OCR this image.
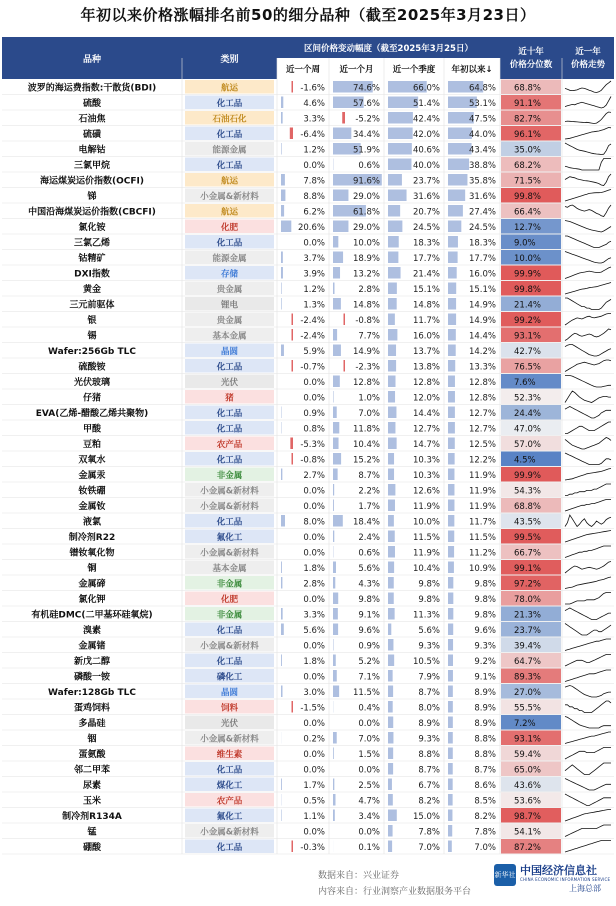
年初以来价格涨幅排名前50的细分品种（截至2025年3月23日）
品种	类别
区间价格变动幅度（截至2025年3月25日）
近一个周 近一个月 近一个季度 年初以来↓
近十年
价格分位数
近一年
价格走势
波罗的海运费指数:干散货(BDI)	航运	-1.6%	74.6%	66.0%	64.8% 68.8%
硫酸	化工品	4.6%	57.6%	51.4%	53.1% 91.1%
石油焦	石油石化	3.3%	-5.2%	42.4%	47.5% 82.7%
硫磺	化工品	-6.4%	34.4%	42.0%	44.0% 96.1%
电解钴	能源金属	1.2%	51.9%	40.6%	43.4% 35.0%
三氯甲烷	化工品	0.0%	0.6%	40.0%	38.8% 68.2%
海运煤炭运价指数(OCFI)	航运	7.8%	91.6%	23.7%	35.8% 71.5%
锑	小金属&新材料	8.8%	29.0%	31.6%	31.6% 99.8%
中国沿海煤炭运价指数(CBCFI)	航运	6.2%	61.8%	20.7%	27.4% 66.4%
氯化铵	化肥	20.6%	29.0%	24.5%	24.5% 12.7%
三氯乙烯	化工品	0.0%	10.0%	18.3%	18.3% 9.0%
钴精矿	能源金属	3.7%	18.9%	17.7%	17.7% 10.0%
DXI指数	存储	3.9%	13.2%	21.4%	16.0% 99.9%
黄金	贵金属	1.2%	2.8%	15.1%	15.1% 99.8%
三元前驱体	锂电	1.3%	14.8%	14.8%	14.9% 21.4%
银	贵金属	-2.4%	-0.8%	11.7%	14.9% 99.2%
锡	基本金属	-2.4%	7.7%	16.0%	14.4% 93.1%
Wafer:256Gb TLC	晶圆	5.9%	14.9%	13.7%	14.2% 42.7%
硫酸铵	化工品	-0.7%	-2.3%	13.8%	13.3% 76.5%
光伏玻璃	光伏	0.0%	12.8%	12.8%	12.8% 7.6%
仔猪	猪	0.0%	1.0%	12.0%	12.8% 52.3%
EVA(乙烯-醋酸乙烯共聚物)	化工品	0.9%	7.0%	14.4%	12.7% 24.4%
甲酸	化工品	0.8%	11.8%	12.7%	12.7% 47.0%
豆粕	农产品	-5.3%	10.4%	14.7%	12.5% 57.0%
双氧水	化工品	-0.8%	15.2%	10.3%	12.2% 4.5%
金属汞	非金属	2.7%	8.7%	10.3%	11.9% 99.9%
钕铁硼	小金属&新材料	0.0%	2.2%	12.6%	11.9% 54.3%
金属钕	小金属&新材料	0.0%	1.7%	11.9%	11.9% 68.8%
液氯	化工品	8.0%	18.4%	10.0%	11.7% 43.5%
制冷剂R22	氟化工	0.0%	2.4%	11.5%	11.5% 99.5%
镨钕氧化物	小金属&新材料	0.0%	0.6%	11.9%	11.2% 66.7%
铜	基本金属	1.8%	5.6%	10.4%	10.9% 99.1%
金属碲	非金属	2.8%	4.3%	9.8%	9.8% 97.2%
氯化钾	化肥	0.0%	9.8%	9.8%	9.8% 78.0%
有机硅DMC(二甲基环硅氧烷)	非金属	3.3%	9.1%	11.3%	9.8% 21.3%
溴素	化工品	5.6%	9.6%	5.6%	9.6% 23.7%
金属锗	小金属&新材料	0.0%	0.9%	9.3%	9.3% 39.4%
新戊二醇	化工品	1.8%	5.2%	10.5%	9.2% 64.7%
磷酸一铵	磷化工	0.0%	7.1%	7.9%	9.1% 89.3%
Wafer:128Gb TLC	晶圆	3.0%	11.5%	8.7%	8.9% 27.0%
蛋鸡饲料	饲料	-1.5%	0.4%	8.0%	8.9% 55.5%
多晶硅	光伏	0.0%	0.0%	8.9%	8.9% 7.2%
铟	小金属&新材料	0.2%	7.0%	9.3%	8.8% 93.1%
蛋氨酸	维生素	0.0%	1.5%	8.8%	8.8% 59.4%
邻二甲苯	化工品	0.0%	0.0%	8.7%	8.7% 65.0%
尿素	煤化工	1.7%	2.5%	6.7%	8.6% 43.6%
玉米	农产品	0.5%	4.7%	8.2%	8.5% 53.6%
制冷剂R134A	氟化工	1.1%	3.4%	15.0%	8.2% 98.7%
锰	小金属&新材料	0.0%	0.0%	7.8%	7.8% 54.1%
硼酸	化工品	-0.3%	0.1%	7.0%	7.0% 87.2%
数据来自：兴业证券
内容来自：行业洞察产业数据服务平台
新华社 中国经济信息社
CHINA ECONOMIC INFORMATION SERVICE
上海总部
